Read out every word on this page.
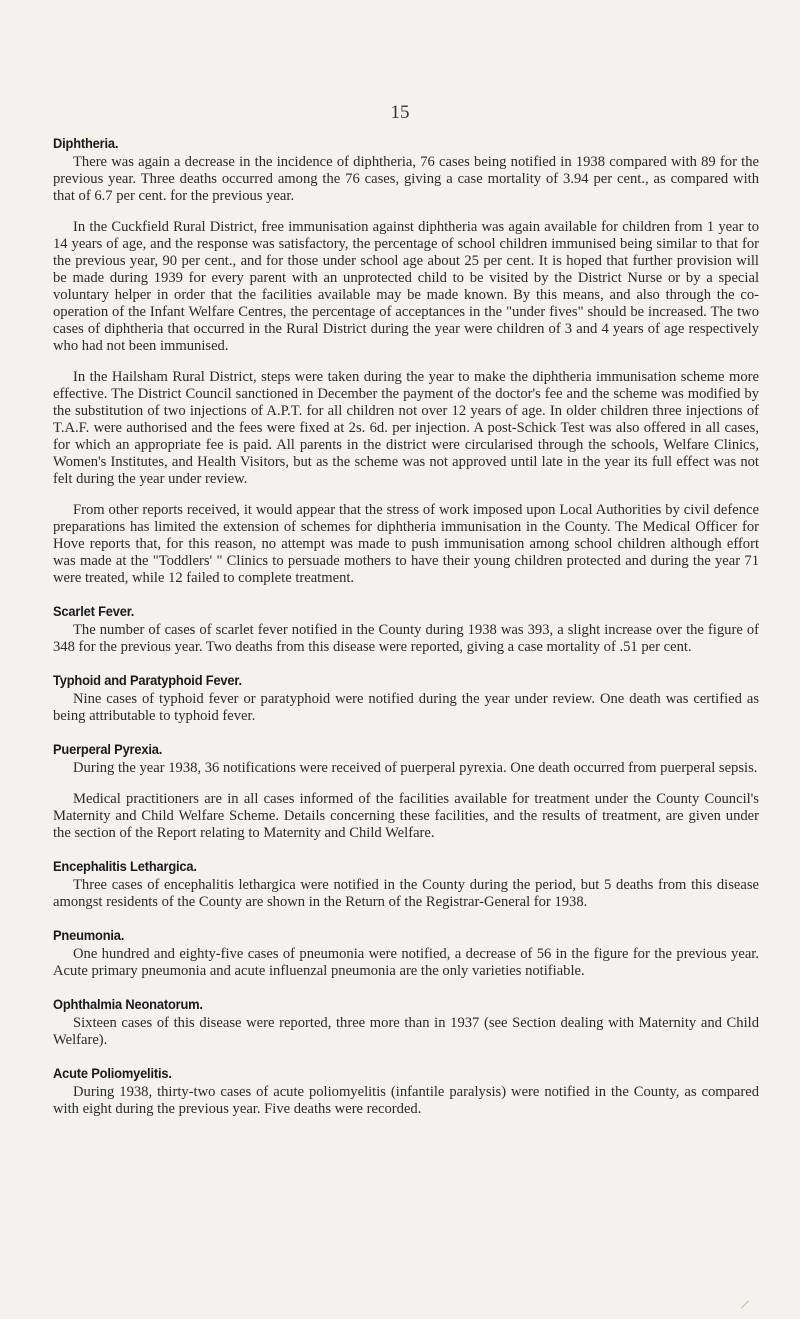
15
Diphtheria.

There was again a decrease in the incidence of diphtheria, 76 cases being notified in 1938 compared with 89 for the previous year. Three deaths occurred among the 76 cases, giving a case mortality of 3.94 per cent., as compared with that of 6.7 per cent. for the previous year.

In the Cuckfield Rural District, free immunisation against diphtheria was again available for children from 1 year to 14 years of age, and the response was satisfactory, the percentage of school children immunised being similar to that for the previous year, 90 per cent., and for those under school age about 25 per cent. It is hoped that further provision will be made during 1939 for every parent with an unprotected child to be visited by the District Nurse or by a special voluntary helper in order that the facilities available may be made known. By this means, and also through the co-operation of the Infant Welfare Centres, the percentage of acceptances in the "under fives" should be increased. The two cases of diphtheria that occurred in the Rural District during the year were children of 3 and 4 years of age respectively who had not been immunised.

In the Hailsham Rural District, steps were taken during the year to make the diphtheria immunisation scheme more effective. The District Council sanctioned in December the payment of the doctor's fee and the scheme was modified by the substitution of two injections of A.P.T. for all children not over 12 years of age. In older children three injections of T.A.F. were authorised and the fees were fixed at 2s. 6d. per injection. A post-Schick Test was also offered in all cases, for which an appropriate fee is paid. All parents in the district were circularised through the schools, Welfare Clinics, Women's Institutes, and Health Visitors, but as the scheme was not approved until late in the year its full effect was not felt during the year under review.

From other reports received, it would appear that the stress of work imposed upon Local Authorities by civil defence preparations has limited the extension of schemes for diphtheria immunisation in the County. The Medical Officer for Hove reports that, for this reason, no attempt was made to push immunisation among school children although effort was made at the "Toddlers' " Clinics to persuade mothers to have their young children protected and during the year 71 were treated, while 12 failed to complete treatment.

Scarlet Fever.

The number of cases of scarlet fever notified in the County during 1938 was 393, a slight increase over the figure of 348 for the previous year. Two deaths from this disease were reported, giving a case mortality of .51 per cent.

Typhoid and Paratyphoid Fever.

Nine cases of typhoid fever or paratyphoid were notified during the year under review. One death was certified as being attributable to typhoid fever.

Puerperal Pyrexia.

During the year 1938, 36 notifications were received of puerperal pyrexia. One death occurred from puerperal sepsis.

Medical practitioners are in all cases informed of the facilities available for treatment under the County Council's Maternity and Child Welfare Scheme. Details concerning these facilities, and the results of treatment, are given under the section of the Report relating to Maternity and Child Welfare.

Encephalitis Lethargica.

Three cases of encephalitis lethargica were notified in the County during the period, but 5 deaths from this disease amongst residents of the County are shown in the Return of the Registrar-General for 1938.

Pneumonia.

One hundred and eighty-five cases of pneumonia were notified, a decrease of 56 in the figure for the previous year. Acute primary pneumonia and acute influenzal pneumonia are the only varieties notifiable.

Ophthalmia Neonatorum.

Sixteen cases of this disease were reported, three more than in 1937 (see Section dealing with Maternity and Child Welfare).

Acute Poliomyelitis.

During 1938, thirty-two cases of acute poliomyelitis (infantile paralysis) were notified in the County, as compared with eight during the previous year. Five deaths were recorded.
